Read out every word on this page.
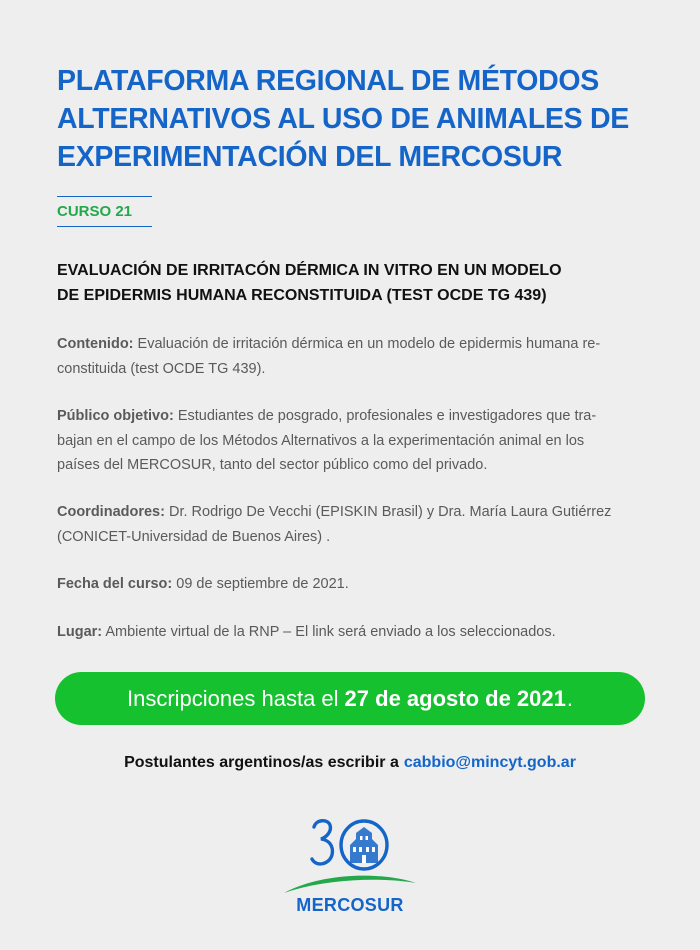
PLATAFORMA REGIONAL DE MÉTODOS
ALTERNATIVOS AL USO DE ANIMALES DE
EXPERIMENTACIÓN DEL MERCOSUR
CURSO 21
EVALUACIÓN DE IRRITACÓN DÉRMICA IN VITRO EN UN MODELO
DE EPIDERMIS HUMANA RECONSTITUIDA (TEST OCDE TG 439)

Contenido: Evaluación de irritación dérmica en un modelo de epidermis humana re-
constituida (test OCDE TG 439).

Público objetivo: Estudiantes de posgrado, profesionales e investigadores que tra-
bajan en el campo de los Métodos Alternativos a la experimentación animal en los
países del MERCOSUR, tanto del sector público como del privado.

Coordinadores: Dr. Rodrigo De Vecchi (EPISKIN Brasil) y Dra. María Laura Gutiérrez
(CONICET-Universidad de Buenos Aires) .

Fecha del curso: 09 de septiembre de 2021.

Lugar: Ambiente virtual de la RNP – El link será enviado a los seleccionados.

Inscripciones hasta el 27 de agosto de 2021 .
Postulantes argentinos/as escribir a cabbio@mincyt.gob.ar
MERCOSUR
